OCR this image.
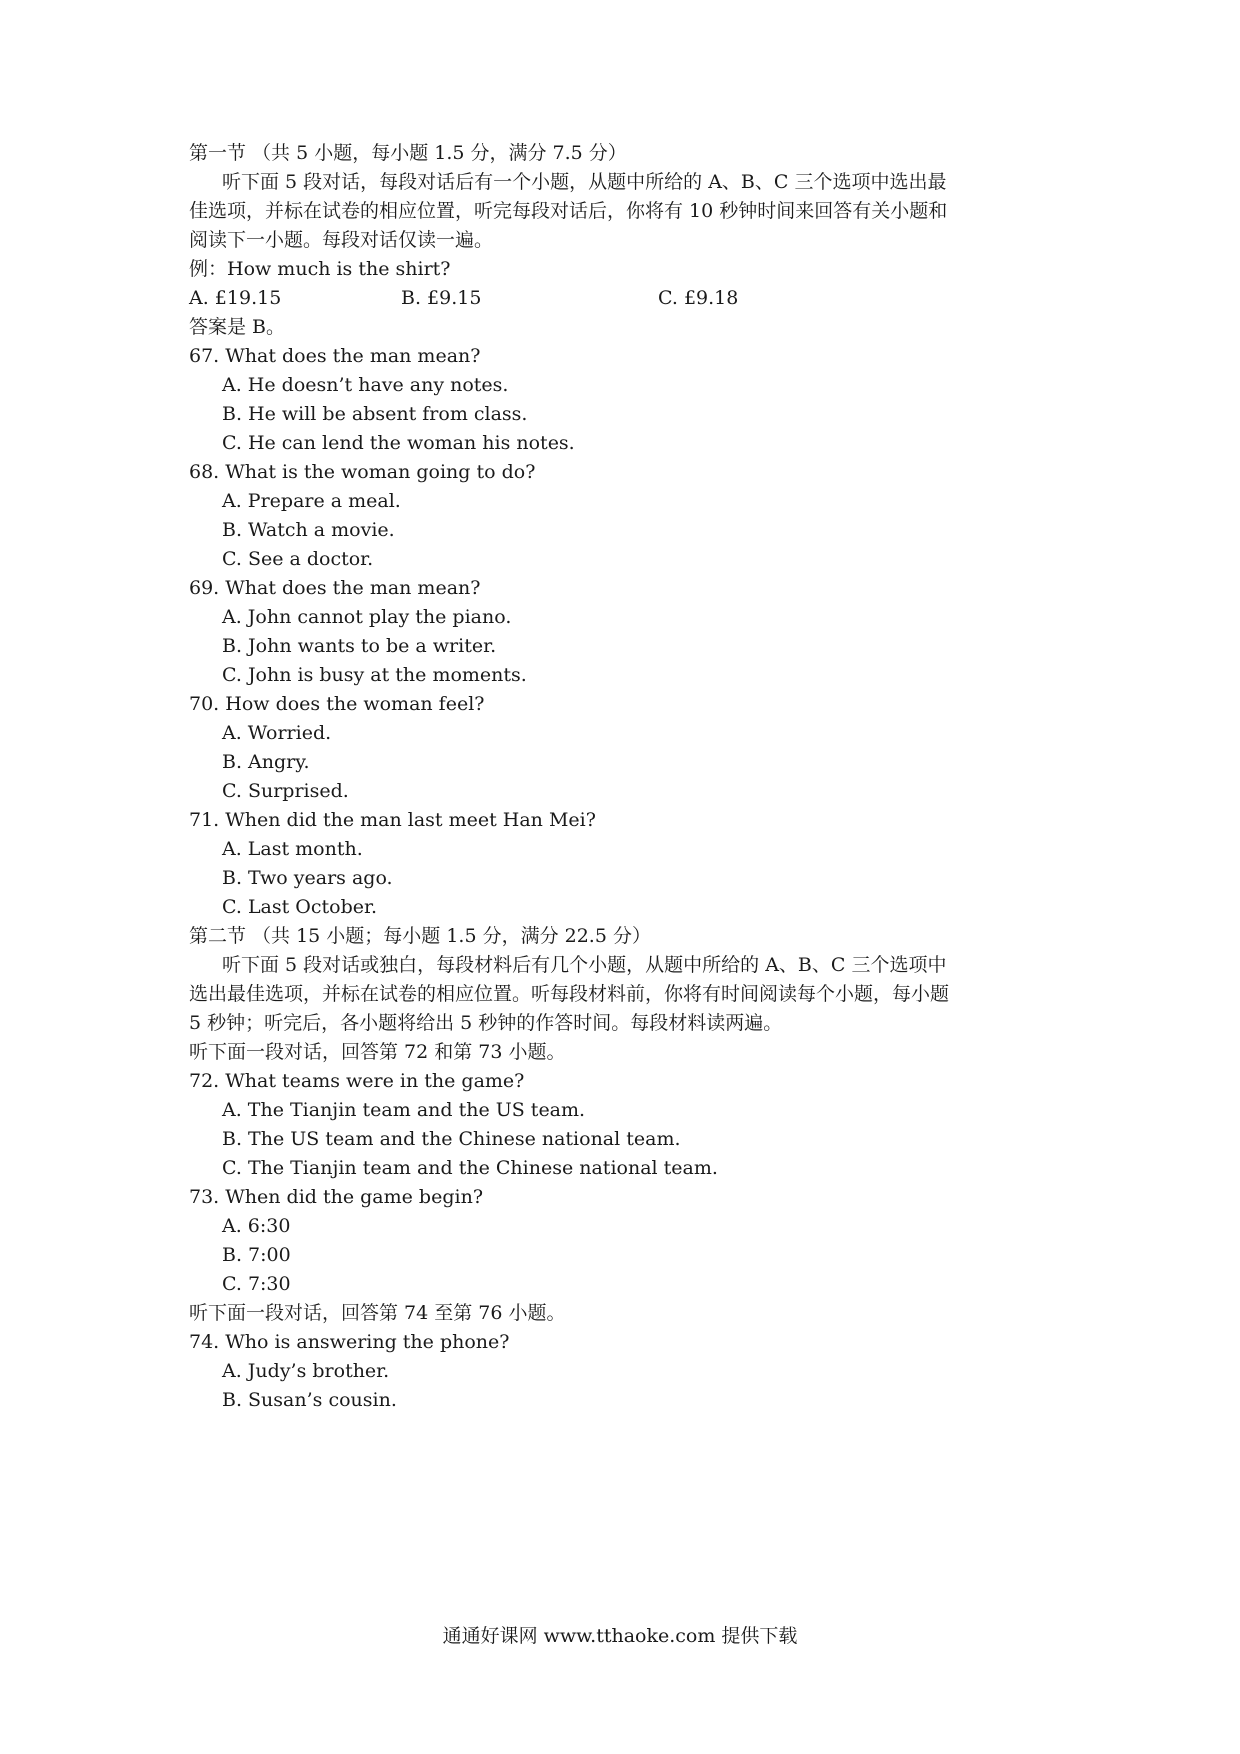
第一节 （共 5 小题，每小题 1.5 分，满分 7.5 分）
听下面 5 段对话，每段对话后有一个小题，从题中所给的 A、B、C 三个选项中选出最
佳选项，并标在试卷的相应位置，听完每段对话后，你将有 10 秒钟时间来回答有关小题和
阅读下一小题。每段对话仅读一遍。
例：How much is the shirt?
A. £19.15	B. £9.15	C. £9.18
答案是 B。
67. What does the man mean?
A. He doesn’t have any notes.
B. He will be absent from class.
C. He can lend the woman his notes.
68. What is the woman going to do?
A. Prepare a meal.
B. Watch a movie.
C. See a doctor.
69. What does the man mean?
A. John cannot play the piano.
B. John wants to be a writer.
C. John is busy at the moments.
70. How does the woman feel?
A. Worried.
B. Angry.
C. Surprised.
71. When did the man last meet Han Mei?
A. Last month.
B. Two years ago.
C. Last October.
第二节 （共 15 小题；每小题 1.5 分，满分 22.5 分）
听下面 5 段对话或独白，每段材料后有几个小题，从题中所给的 A、B、C 三个选项中
选出最佳选项，并标在试卷的相应位置。听每段材料前，你将有时间阅读每个小题，每小题
5 秒钟；听完后，各小题将给出 5 秒钟的作答时间。每段材料读两遍。
听下面一段对话，回答第 72 和第 73 小题。
72. What teams were in the game?
A. The Tianjin team and the US team.
B. The US team and the Chinese national team.
C. The Tianjin team and the Chinese national team.
73. When did the game begin?
A. 6:30
B. 7:00
C. 7:30
听下面一段对话，回答第 74 至第 76 小题。
74. Who is answering the phone?
A. Judy’s brother.
B. Susan’s cousin.
通通好课网 www.tthaoke.com 提供下载
